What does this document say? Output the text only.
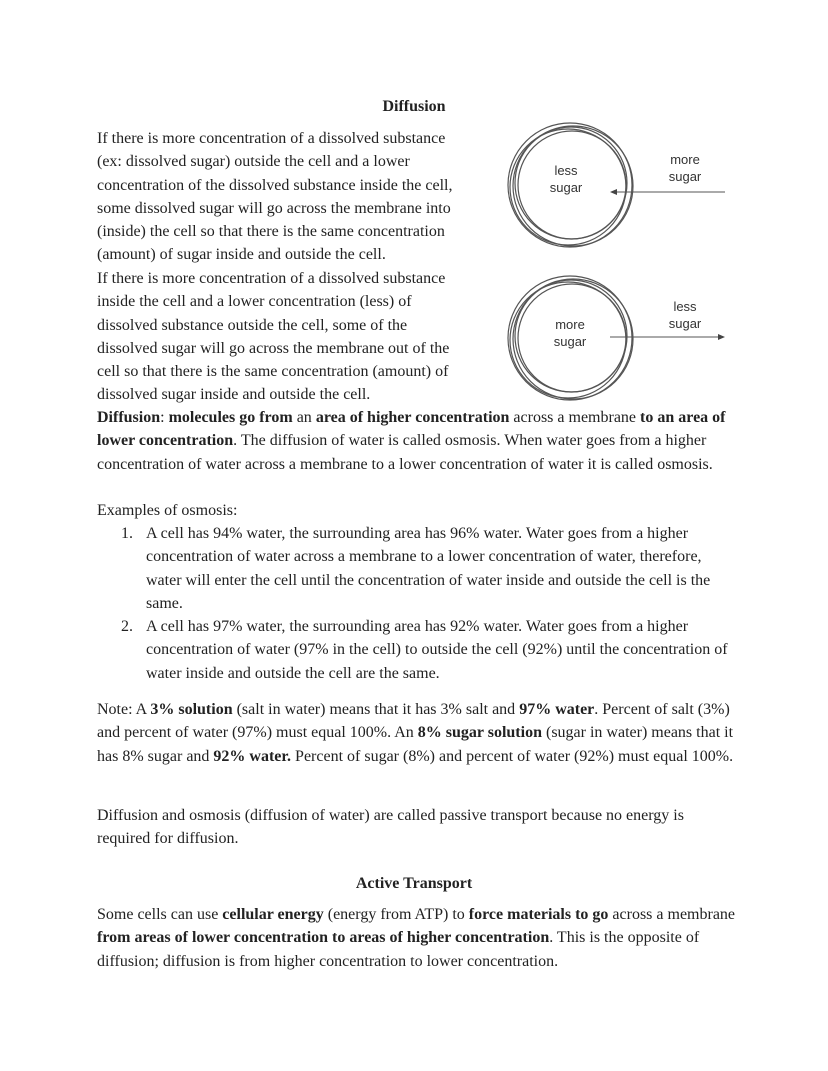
Diffusion

If there is more concentration of a dissolved substance
(ex: dissolved sugar) outside the cell and a lower
concentration of the dissolved substance inside the cell,
some dissolved sugar will go across the membrane into
(inside) the cell so that there is the same concentration
(amount) of sugar inside and outside the cell.

If there is more concentration of a dissolved substance
inside the cell and a lower concentration (less) of
dissolved substance outside the cell, some of the
dissolved sugar will go across the membrane out of the
cell so that there is the same concentration (amount) of
dissolved sugar inside and outside the cell.

less
sugar
more
sugar
more
sugar
less
sugar

Diffusion: molecules go from an area of higher concentration across a membrane to an area of lower concentration. The diffusion of water is called osmosis. When water goes from a higher concentration of water across a membrane to a lower concentration of water it is called osmosis.

Examples of osmosis:

1. A cell has 94% water, the surrounding area has 96% water. Water goes from a higher concentration of water across a membrane to a lower concentration of water, therefore, water will enter the cell until the concentration of water inside and outside the cell is the same.
2. A cell has 97% water, the surrounding area has 92% water. Water goes from a higher concentration of water (97% in the cell) to outside the cell (92%) until the concentration of water inside and outside the cell are the same.

Note: A 3% solution (salt in water) means that it has 3% salt and 97% water. Percent of salt (3%) and percent of water (97%) must equal 100%. An 8% sugar solution (sugar in water) means that it has 8% sugar and 92% water. Percent of sugar (8%) and percent of water (92%) must equal 100%.

Diffusion and osmosis (diffusion of water) are called passive transport because no energy is required for diffusion.

Active Transport

Some cells can use cellular energy (energy from ATP) to force materials to go across a membrane from areas of lower concentration to areas of higher concentration. This is the opposite of diffusion; diffusion is from higher concentration to lower concentration.
